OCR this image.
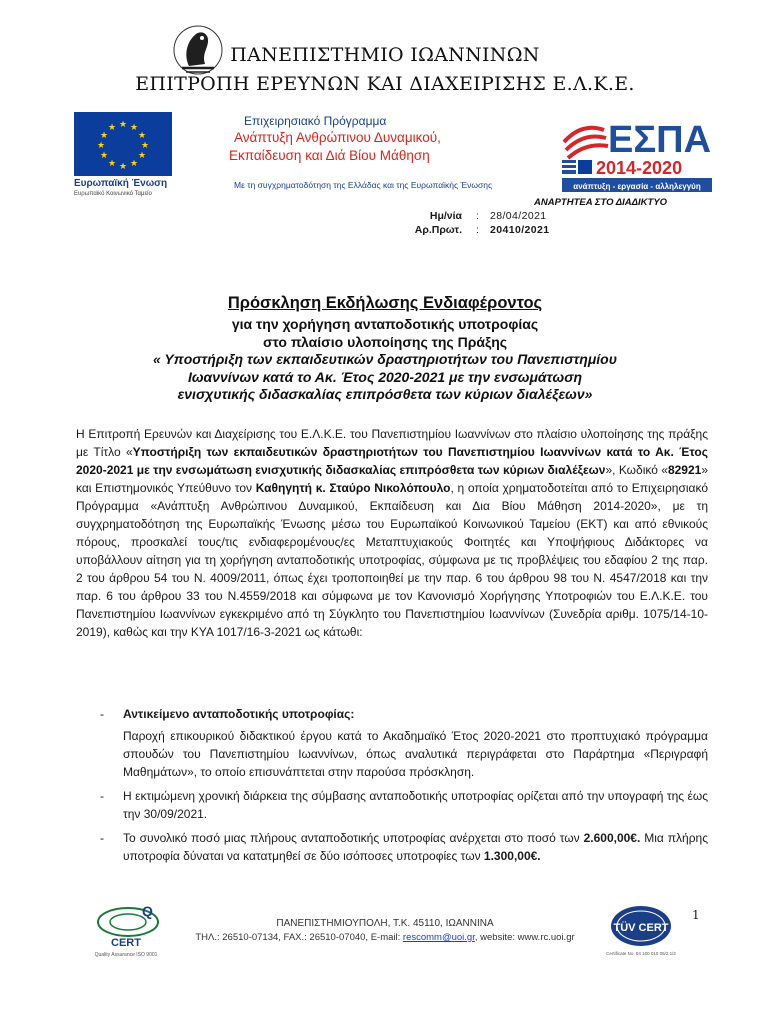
ΠΑΝΕΠΙΣΤΗΜΙΟ ΙΩΑΝΝΙΝΩΝ
ΕΠΙΤΡΟΠΗ ΕΡΕΥΝΩΝ ΚΑΙ ΔΙΑΧΕΙΡΙΣΗΣ Ε.Λ.Κ.Ε.
★ ★
★
★
★
★
★
★
★
★
★
★
Ευρωπαϊκή Ένωση
Ευρωπαϊκό Κοινωνικό Ταμείο
Επιχειρησιακό Πρόγραμμα
Ανάπτυξη Ανθρώπινου Δυναμικού,
Εκπαίδευση και Διά Βίου Μάθηση
Με τη συγχρηματοδότηση της Ελλάδας και της Ευρωπαϊκής Ένωσης
ΕΣΠΑ
2014-2020
ανάπτυξη - εργασία - αλληλεγγύη
ΑΝΑΡΤΗΤΕΑ ΣΤΟ ΔΙΑΔΙΚΤΥΟ
Ημ/νία : 28/04/2021
Αρ.Πρωτ. : 20410/2021
Πρόσκληση Εκδήλωσης Ενδιαφέροντος
για την χορήγηση ανταποδοτικής υποτροφίας
στο πλαίσιο υλοποίησης της Πράξης
« Υποστήριξη των εκπαιδευτικών δραστηριοτήτων του Πανεπιστημίου
Ιωαννίνων κατά το Ακ. Έτος 2020-2021 με την ενσωμάτωση
ενισχυτικής διδασκαλίας επιπρόσθετα των κύριων διαλέξεων»
Η Επιτροπή Ερευνών και Διαχείρισης του Ε.Λ.Κ.Ε. του Πανεπιστημίου Ιωαννίνων στο πλαίσιο υλοποίησης της πράξης με Τίτλο «Υποστήριξη των εκπαιδευτικών δραστηριοτήτων του Πανεπιστημίου Ιωαννίνων κατά το Ακ. Έτος 2020-2021 με την ενσωμάτωση ενισχυτικής διδασκαλίας επιπρόσθετα των κύριων διαλέξεων», Κωδικό «82921» και Επιστημονικός Υπεύθυνο τον Καθηγητή κ. Σταύρο Νικολόπουλο, η οποία χρηματοδοτείται από το Επιχειρησιακό Πρόγραμμα «Ανάπτυξη Ανθρώπινου Δυναμικού, Εκπαίδευση και Δια Βίου Μάθηση 2014-2020», με τη συγχρηματοδότηση της Ευρωπαϊκής Ένωσης μέσω του Ευρωπαϊκού Κοινωνικού Ταμείου (ΕΚΤ) και από εθνικούς πόρους, προσκαλεί τους/τις ενδιαφερομένους/ες Μεταπτυχιακούς Φοιτητές και Υποψήφιους Διδάκτορες να υποβάλλουν αίτηση για τη χορήγηση ανταποδοτικής υποτροφίας, σύμφωνα με τις προβλέψεις του εδαφίου 2 της παρ. 2 του άρθρου 54 του Ν. 4009/2011, όπως έχει τροποποιηθεί με την παρ. 6 του άρθρου 98 του Ν. 4547/2018 και την παρ. 6 του άρθρου 33 του Ν.4559/2018 και σύμφωνα με τον Κανονισμό Χορήγησης Υποτροφιών του Ε.Λ.Κ.Ε. του Πανεπιστημίου Ιωαννίνων εγκεκριμένο από τη Σύγκλητο του Πανεπιστημίου Ιωαννίνων (Συνεδρία αριθμ. 1075/14-10-2019), καθώς και την ΚΥΑ 1017/16-3-2021 ως κάτωθι:
- Αντικείμενο ανταποδοτικής υποτροφίας:
Παροχή επικουρικού διδακτικού έργου κατά το Ακαδημαϊκό Έτος 2020-2021 στο προπτυχιακό πρόγραμμα σπουδών του Πανεπιστημίου Ιωαννίνων, όπως αναλυτικά περιγράφεται στο Παράρτημα «Περιγραφή Μαθημάτων», το οποίο επισυνάπτεται στην παρούσα πρόσκληση.
- Η εκτιμώμενη χρονική διάρκεια της σύμβασης ανταποδοτικής υποτροφίας ορίζεται από την υπογραφή της έως την 30/09/2021.
- Το συνολικό ποσό μιας πλήρους ανταποδοτικής υποτροφίας ανέρχεται στο ποσό των 2.600,00€. Μια πλήρης υποτροφία δύναται να κατατμηθεί σε δύο ισόποσες υποτροφίες των 1.300,00€.
1
Q
CERT
Quality Assurance ISO 9001
ΠΑΝΕΠΙΣΤΗΜΙΟΥΠΟΛΗ, Τ.Κ. 45110, ΙΩΑΝΝΙΝΑ
ΤΗΛ.: 26510-07134, FAX.: 26510-07040, E-mail: rescomm@uoi.gr, website: www.rc.uoi.gr
TÜV CERT
Certificate No. 04 100 010 05/2 1/2
